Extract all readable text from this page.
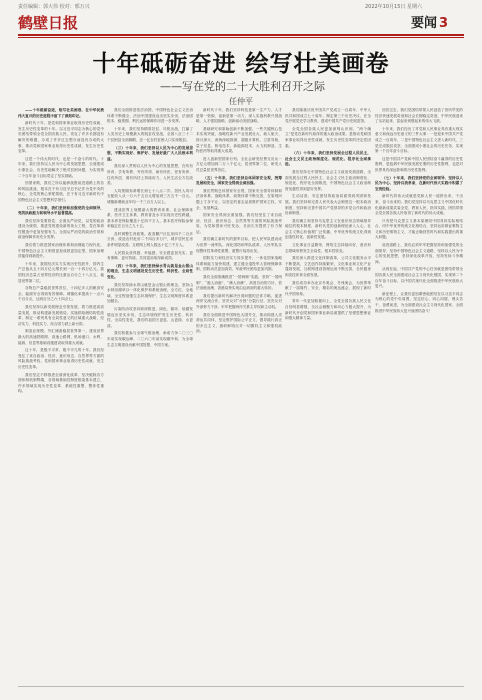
责任编辑：郭大伟 校对：邢万兴	2022年10月15日 星期六
鹤壁日报	要闻 3
十年砥砺奋进 绘写壮美画卷
——写在党的二十大胜利召开之际
任仲平

——十年砥砺奋进，绘写壮美画卷，在中华民族伟大复兴的历史进程中留下了深刻印记。

新时代十年，是党和国家事业取得历史性成就、发生历史性变革的十年。以习近平同志为核心的党中央团结带领全党全国各族人民，攻克了许多长期没有解决的难题，办成了许多过去想办而没有办成的大事，推动党和国家事业取得历史性成就、发生历史性变革。

这是一个伟大的时代，也是一个奋斗的时代。十年来，我们坚持以人民为中心的发展思想，全面建成小康社会，历史性地解决了绝对贫困问题，为实现第二个百年奋斗目标奠定了坚实基础。

回望来路，我们之所以能够战胜前进道路上的各种风险挑战，根本在于有习近平总书记作为党中央的核心、全党的核心掌舵领航，在于有习近平新时代中国特色社会主义思想科学指引。

（二）十年来，我们坚持和加强党的全面领导，党的执政能力和领导水平显著提高。

我们坚持党要管党、全面从严治党，以党的政治建设为统领，推进党的建设新的伟大工程，党在革命性锻造中更加坚强有力。全面从严治党的政治引领和政治保障作用充分发挥。

我们着力推进国家治理体系和治理能力现代化，中国特色社会主义制度更加成熟更加定型，国家治理效能得到新提升。

十年来，我国经济实力实现历史性跃升，国内生产总值从五十四万亿元增长到一百一十四万亿元，我国经济总量占世界经济的比重达百分之十八点五，稳居世界第二位。

谷物总产量稳居世界首位，十四亿多人的粮食安全、能源安全得到有效保障。城镇化率提高十一点六个百分点，达到百分之六十四点七。

我们坚持以新发展理念引领发展，着力推进高质量发展，推动构建新发展格局，实施供给侧结构性改革，制定一系列具有全局性意义的区域重大战略，经济实力、科技实力、综合国力跃上新台阶。

制造业规模、外汇储备稳居世界第一，建成世界最大的高速铁路网、高速公路网，机场港口、水利、能源、信息等基础设施建设取得重大成就。

这十年，是极不寻常、极不平凡的十年。我们经受住了来自政治、经济、意识形态、自然界等方面的风险挑战考验，党和国家事业取得历史性成就、发生历史性变革。

我们坚定不移推进全面深化改革，坚决破除各方面体制机制弊端，各领域基础性制度框架基本建立，许多领域实现历史性变革、系统性重塑、整体性重构。

我们全面推进依法治国，中国特色社会主义法治体系不断健全，法治中国建设迈出坚实步伐，法治固根本、稳预期、利长远的保障作用进一步发挥。

十年来，我们坚持精准扶贫、尽锐出战，打赢了人类历史上规模最大的脱贫攻坚战，全国八百三十二个贫困县全部摘帽，近一亿农村贫困人口实现脱贫。

（三）十年来，我们坚持以人民为中心的发展思想，不断实现好、维护好、发展好最广大人民根本利益。

我们深入贯彻以人民为中心的发展思想，在幼有所育、学有所教、劳有所得、病有所医、老有所养、住有所居、弱有所扶上持续用力，人民生活全方位改善。

人均预期寿命增长到七十八点二岁。居民人均可支配收入从一万六千五百元增加到三万五千一百元。城镇新增就业年均一千三百万人以上。

建成世界上规模最大的教育体系、社会保障体系、医疗卫生体系，教育普及水平实现历史性跨越，基本养老保险覆盖十亿四千万人，基本医疗保险参保率稳定在百分之九十五。

及时调整生育政策。改造棚户区住房四千二百多万套，改造农村危房二千四百多万户，城乡居民住房条件明显改善。互联网上网人数达十亿三千万人。

人民群众获得感、幸福感、安全感更加充实、更有保障、更可持续，共同富裕取得新成效。

（四）十年来，我们坚持绿水青山就是金山银山的理念，生态文明建设发生历史性、转折性、全局性变化。

我们坚持绿水青山就是金山银山的理念，坚持山水林田湖草沙一体化保护和系统治理，全方位、全地域、全过程加强生态环境保护，生态文明制度体系更加健全。

污染防治攻坚向纵深推进，绿色、循环、低碳发展迈出坚实步伐，生态环境保护发生历史性、转折性、全局性变化，我们的祖国天更蓝、山更绿、水更清。

我们积极参与全球气候治理，承诺力争二〇三〇年前实现碳达峰、二〇六〇年前实现碳中和，为全球生态文明建设贡献中国智慧、中国方案。

新时代十年，我们坚持科技是第一生产力、人才是第一资源、创新是第一动力，深入实施科教兴国战略、人才强国战略、创新驱动发展战略。

基础研究和原始创新不断加强，一些关键核心技术实现突破，战略性新兴产业发展壮大，载人航天、探月探火、深海深地探测、超级计算机、卫星导航、量子信息、核电技术、新能源技术、大飞机制造、生物医药等取得重大成果。

进入创新型国家行列。全社会研发经费支出从一万亿元增加到二万八千亿元，居世界第二位，研发人员总量居世界首位。

（五）十年来，我们坚持总体国家安全观，统筹发展和安全，国家安全得到全面加强。

我们贯彻总体国家安全观，国家安全领导体制和法治体系、战略体系、政策体系不断完善，在原则问题上寸步不让，以坚定的意志品质维护国家主权、安全、发展利益。

国家安全得到全面加强。我们经受住了来自政治、经济、意识形态、自然界等方面的风险挑战考验，为党和国家兴旺发达、长治久安提供了有力保证。

我们确立新时代的强军目标，把人民军队建设成为世界一流军队，深化国防和军队改革，人民军队实现整体性革命性重塑、重整行装再出发。

国防实力和经济实力同步提升，一体化国家战略体系和能力加快构建，建立健全退役军人管理保障体制，国防动员更加高效，军政军民团结更加巩固。

我们全面准确推进“一国两制”实践，坚持“一国两制”、“港人治港”、“澳人治澳”、高度自治的方针，依法治港治澳，香港局势实现由乱到治的重大转折。

我们提出新时代解决台湾问题的总体方略，促进两岸交流合作，坚决反对“台独”分裂行径，坚决反对外部势力干涉，牢牢把握两岸关系主导权和主动权。

我们全面推进中国特色大国外交，推动构建人类命运共同体，坚定维护国际公平正义，倡导践行真正的多边主义，旗帜鲜明反对一切霸权主义和强权政治。

我们隆重庆祝中国共产党成立一百周年、中华人民共和国成立七十周年，制定第三个历史决议，在全党开展党史学习教育，建成中国共产党历史展览馆。

全党全国各族人民更加深刻认识到，“两个确立”是党在新时代取得的重大政治成果，是推动党和国家事业取得历史性成就、发生历史性变革的决定性因素。

（六）十年来，我们坚持发展全过程人民民主，社会主义民主政治制度化、规范化、程序化全面推进。

我们坚持走中国特色社会主义政治发展道路，全面发展全过程人民民主，社会主义民主政治制度化、规范化、程序化全面推进，中国特色社会主义政治制度优越性得到更好发挥。

生动活泼、安定团结的政治局面得到巩固和发展。我们坚持和完善人民代表大会制度这一根本政治制度，坚持和完善中国共产党领导的多党合作和政治协商制度。

我们确立和坚持马克思主义在意识形态领域指导地位的根本制度，新时代党的创新理论深入人心，社会主义核心价值观广泛传播，中华优秀传统文化得到创造性转化、创新性发展。

文化事业日益繁荣，网络生态持续向好，意识形态领域形势发生全局性、根本性转变。

我们深入推进文化体制改革，公共文化服务水平不断提高，文艺创作持续繁荣，文化事业和文化产业蓬勃发展，互联网建设管理运用不断完善，全民健身和竞技体育全面发展。

我们成功举办北京冬奥会、冬残奥会，为世界奉献了一届简约、安全、精彩的奥运盛会，展现了新时代中国形象。

青年一代更加积极向上，全党全国各族人民文化自信明显增强，全社会凝聚力和向心力极大提升，为新时代开创党和国家事业新局面提供了坚强思想保证和强大精神力量。

回首过去，我们党团结带领人民创造了世所罕见的经济快速发展奇迹和社会长期稳定奇迹，中华民族迎来了从站起来、富起来到强起来的伟大飞跃。

十年来，我们经历了对党和人民事业具有重大现实意义和深远历史意义的三件大事：一是迎来中国共产党成立一百周年，二是中国特色社会主义进入新时代，三是完成脱贫攻坚、全面建成小康社会的历史任务，实现第一个百年奋斗目标。

这是中国共产党和中国人民团结奋斗赢得的历史性胜利，是彪炳中华民族发展史册的历史性胜利，也是对世界具有深远影响的历史性胜利。

（七）十年来，我们坚持党的全面领导、坚持以人民为中心、坚持自我革命，在新时代伟大实践中积累了宝贵经验。

新时代的伟大成就是党和人民一道拼出来、干出来、奋斗出来的。我们党坚持以马克思主义中国化时代化最新成果武装全党、教育人民、指导实践，团结带领全党全国各族人民取得了新时代的伟大成就。

只有把马克思主义基本原理同中国具体实际相结合、同中华优秀传统文化相结合，坚持运用辩证唯物主义和历史唯物主义，才能正确回答时代和实践提出的重大问题。

前进道路上，我们必须牢牢把握坚持和加强党的全面领导，坚持中国特色社会主义道路，坚持以人民为中心的发展思想，坚持深化改革开放，坚持发扬斗争精神。

从现在起，中国共产党的中心任务就是团结带领全国各族人民全面建成社会主义现代化强国、实现第二个百年奋斗目标，以中国式现代化全面推进中华民族伟大复兴。

新征程上，让我们更加紧密地团结在以习近平同志为核心的党中央周围，坚定信心、同心同德，埋头苦干、奋勇前进，为全面建设社会主义现代化国家、全面推进中华民族伟大复兴而团结奋斗！
